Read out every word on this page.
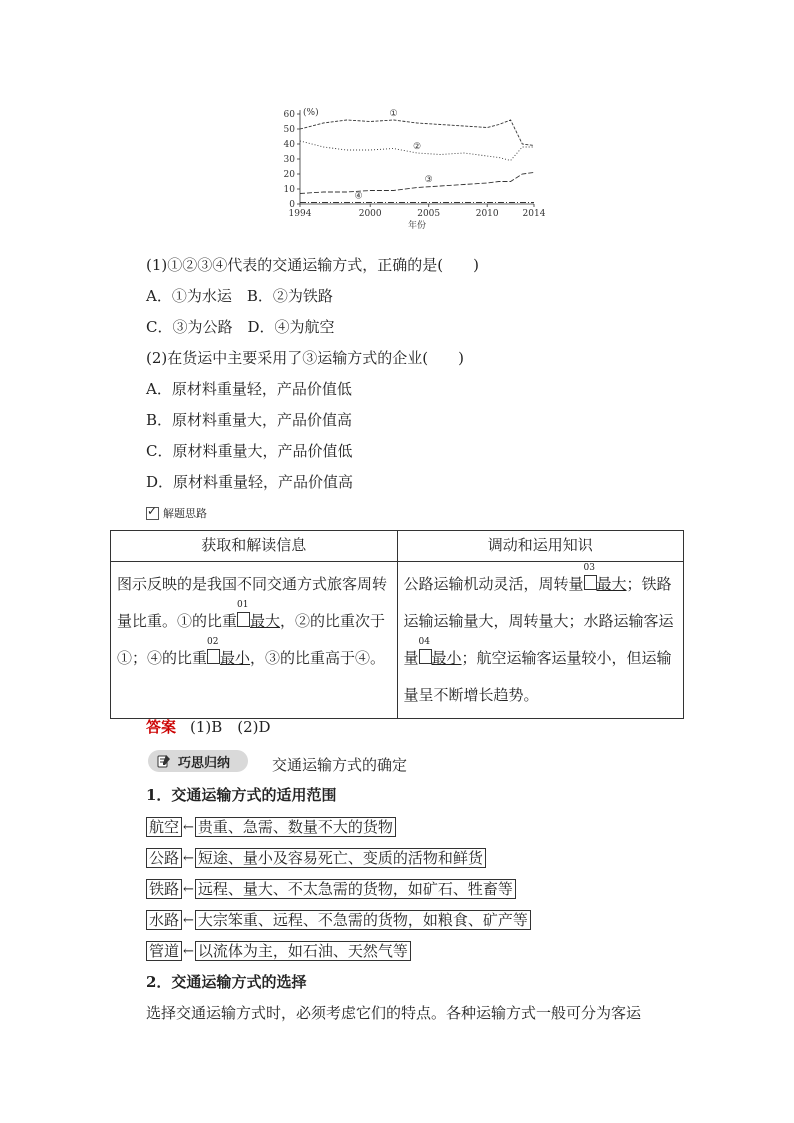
0
10
20
30
40
50
60
1994	2000	2005	2010	2014
(%)
年份
①
②
③
④
(1)①②③④代表的交通运输方式，正确的是(　　)
A．①为水运　B．②为铁路
C．③为公路　D．④为航空
(2)在货运中主要采用了③运输方式的企业(　　)
A．原材料重量轻，产品价值低
B．原材料重量大，产品价值高
C．原材料重量大，产品价值低
D．原材料重量轻，产品价值高
✓
解题思路
获取和解读信息	调动和运用知识
图示反映的是我国不同交通方式旅客周转量比重。①的比重
01
最大，②的比重次于①；④的比重
02
最小，③的比重高于④。	公路运输机动灵活，周转量
03
最大；铁路运输运输量大，周转量大；水路运输客运量
04
最小；航空运输客运量较小，但运输量呈不断增长趋势。
答案 (1)B　(2)D
巧思归纳	交通运输方式的确定
1．交通运输方式的适用范围
航空 ← 贵重、急需、数量不大的货物
公路 ← 短途、量小及容易死亡、变质的活物和鲜货
铁路 ← 远程、量大、不太急需的货物，如矿石、牲畜等
水路 ← 大宗笨重、远程、不急需的货物，如粮食、矿产等
管道 ← 以流体为主，如石油、天然气等
2．交通运输方式的选择
选择交通运输方式时，必须考虑它们的特点。各种运输方式一般可分为客运
